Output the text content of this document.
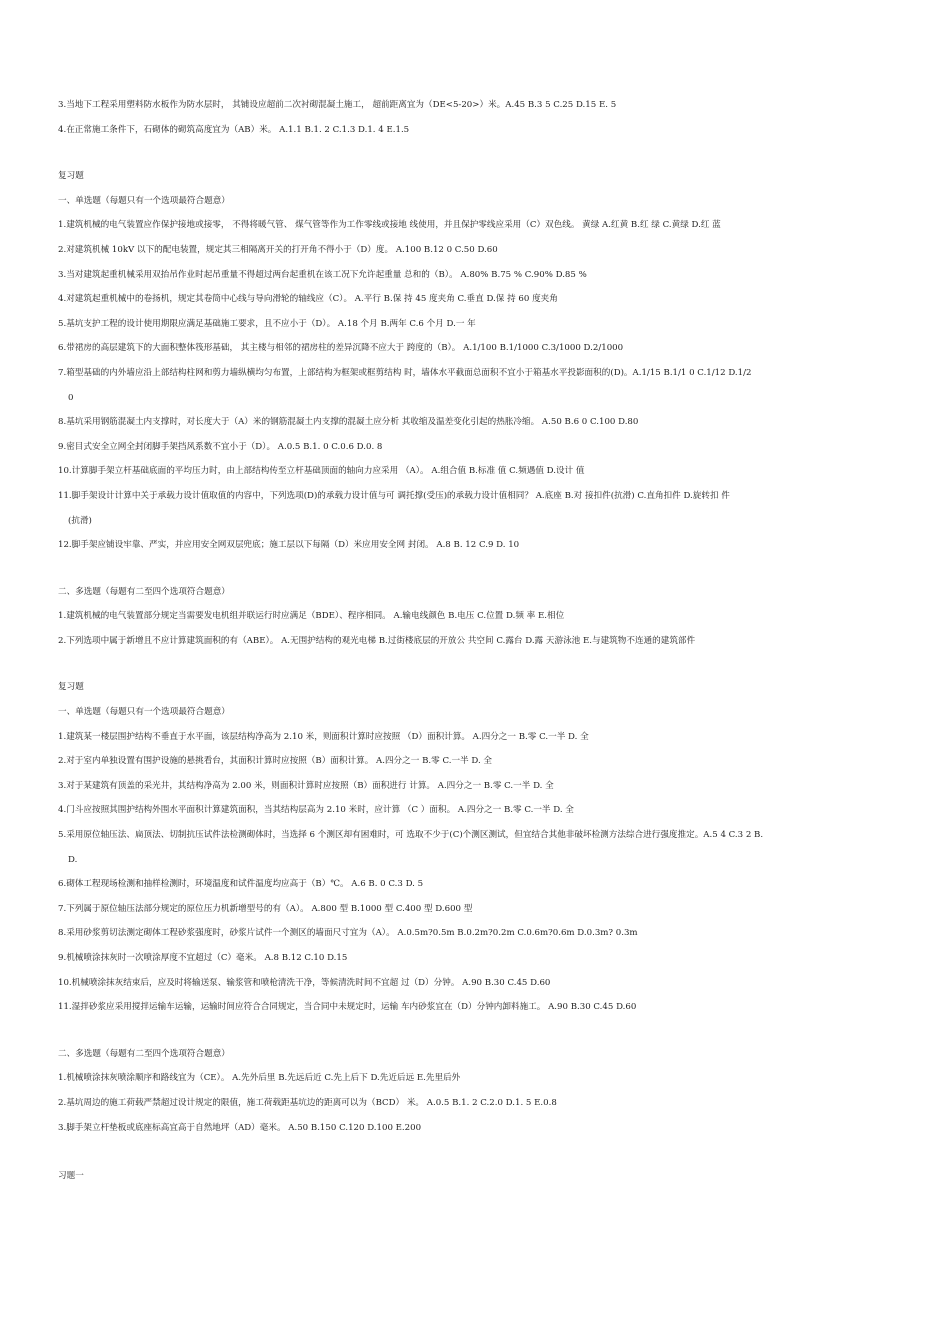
3.当地下工程采用塑料防水板作为防水层时， 其铺设应超前二次衬砌混凝土施工， 超前距离宜为（DE<5-20>）米。A.45 B.3 5 C.25 D.15 E. 5
4.在正常施工条件下，石砌体的砌筑高度宜为（AB）米。 A.1.1 B.1. 2 C.1.3 D.1. 4 E.1.5
复习题
一、单选题（每题只有一个选项最符合题意）
1.建筑机械的电气装置应作保护接地或接零， 不得将暖气管、 煤气管等作为工作零线或接地 线使用，并且保护零线应采用（C）双色线。 黄绿 A.红黄 B.红 绿 C.黄绿 D.红 蓝
2.对建筑机械 10kV 以下的配电装置，规定其三相隔离开关的打开角不得小于（D）度。 A.100 B.12 0 C.50 D.60
3.当对建筑起重机械采用双抬吊作业时起吊重量不得超过两台起重机在该工况下允许起重量 总和的（B）。 A.80% B.75 % C.90% D.85 %
4.对建筑起重机械中的卷扬机，规定其卷筒中心线与导向滑轮的轴线应（C）。 A.平行 B.保 持 45 度夹角 C.垂直 D.保 持 60 度夹角
5.基坑支护工程的设计使用期限应满足基础施工要求，且不应小于（D）。 A.18 个月 B.两年 C.6 个月 D.一 年
6.带裙房的高层建筑下的大面积整体筏形基础， 其主楼与相邻的裙房柱的差异沉降不应大于 跨度的（B）。 A.1/100 B.1/1000 C.3/1000 D.2/1000
7.箱型基础的内外墙应沿上部结构柱网和剪力墙纵横均匀布置，上部结构为框架或框剪结构 时，墙体水平截面总面积不宜小于箱基水平投影面积的(D)。A.1/15 B.1/1 0 C.1/12 D.1/2
0
8.基坑采用钢筋混凝土内支撑时，对长度大于（A）米的钢筋混凝土内支撑的混凝土应分析 其收缩及温差变化引起的热胀冷缩。 A.50 B.6 0 C.100 D.80
9.密目式安全立网全封闭脚手架挡风系数不宜小于（D）。 A.0.5 B.1. 0 C.0.6 D.0. 8
10.计算脚手架立杆基础底面的平均压力时，由上部结构传至立杆基础顶面的轴向力应采用 （A）。 A.组合值 B.标准 值 C.频遇值 D.设计 值
11.脚手架设计计算中关于承载力设计值取值的内容中，下列选项(D)的承载力设计值与可 调托撑(受压)的承载力设计值相同？ A.底座 B.对 接扣件(抗滑) C.直角扣件 D.旋转扣 件
(抗滑)
12.脚手架应铺设牢靠、严实，并应用安全网双层兜底；施工层以下每隔（D）米应用安全网 封闭。 A.8 B. 12 C.9 D. 10
二、多选题（每题有二至四个选项符合题意）
1.建筑机械的电气装置部分规定当需要发电机组并联运行时应满足（BDE）、程序相同。 A.输电线颜色 B.电压 C.位置 D.频 率 E.相位
2.下列选项中属于新增且不应计算建筑面积的有（ABE）。 A.无围护结构的观光电梯 B.过街楼底层的开放公 共空间 C.露台 D.露 天游泳池 E.与建筑物不连通的建筑部件
复习题
一、单选题（每题只有一个选项最符合题意）
1.建筑某一楼层围护结构不垂直于水平面，该层结构净高为 2.10 米，则面积计算时应按照 （D）面积计算。 A.四分之一 B.零 C.一半 D. 全
2.对于室内单独设置有围护设施的悬挑看台，其面积计算时应按照（B）面积计算。 A.四分之一 B.零 C.一半 D. 全
3.对于某建筑有顶盖的采光井，其结构净高为 2.00 米，则面积计算时应按照（B）面积进行 计算。 A.四分之一 B.零 C.一半 D. 全
4.门斗应按照其围护结构外围水平面积计算建筑面积，当其结构层高为 2.10 米时，应计算 （C ）面积。 A.四分之一 B.零 C.一半 D. 全
5.采用原位轴压法、扁顶法、切制抗压试件法检测砌体时，当选择 6 个测区却有困难时，可 选取不少于(C)个测区测试，但宜结合其他非破坏检测方法综合进行强度推定。A.5 4 C.3 2 B.
D.
6.砌体工程现场检测和抽样检测时，环境温度和试件温度均应高于（B）℃。 A.6 B. 0 C.3 D. 5
7.下列属于原位轴压法部分规定的原位压力机新增型号的有（A）。 A.800 型 B.1000 型 C.400 型 D.600 型
8.采用砂浆剪切法测定砌体工程砂浆强度时，砂浆片试件一个测区的墙面尺寸宜为（A）。 A.0.5m?0.5m B.0.2m?0.2m C.0.6m?0.6m D.0.3m? 0.3m
9.机械喷涂抹灰时一次喷涂厚度不宜超过（C）毫米。 A.8 B.12 C.10 D.15
10.机械喷涂抹灰结束后，应及时将输送泵、输浆管和喷枪清洗干净，等候清洗时间不宜超 过（D）分钟。 A.90 B.30 C.45 D.60
11.湿拌砂浆应采用搅拌运输车运输，运输时间应符合合同规定，当合同中未规定时，运输 车内砂浆宜在（D）分钟内卸料施工。 A.90 B.30 C.45 D.60
二、多选题（每题有二至四个选项符合题意）
1.机械喷涂抹灰喷涂顺序和路线宜为（CE）。 A.先外后里 B.先远后近 C.先上后下 D.先近后远 E.先里后外
2.基坑周边的施工荷载严禁超过设计规定的限值，施工荷载距基坑边的距离可以为（BCD） 米。 A.0.5 B.1. 2 C.2.0 D.1. 5 E.0.8
3.脚手架立杆垫板或底座标高宜高于自然地坪（AD）毫米。 A.50 B.150 C.120 D.100 E.200
习题一
